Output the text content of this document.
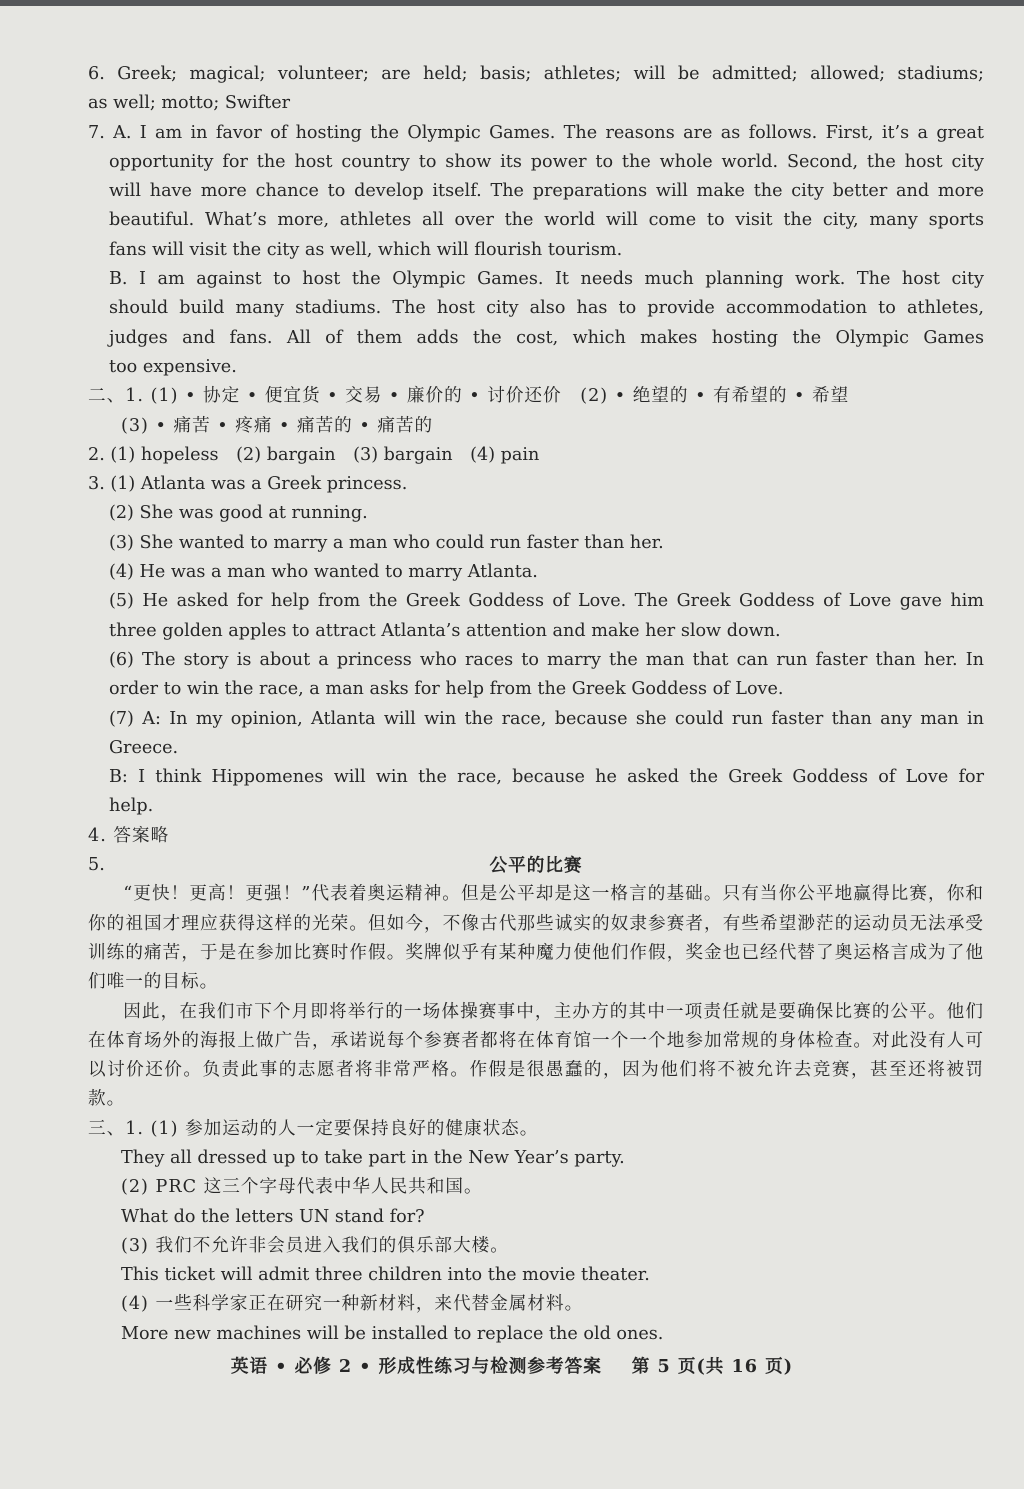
6. Greek; magical; volunteer; are held; basis; athletes; will be admitted; allowed; stadiums;
as well; motto; Swifter
7. A. I am in favor of hosting the Olympic Games. The reasons are as follows. First, it’s a great
opportunity for the host country to show its power to the whole world. Second, the host city
will have more chance to develop itself. The preparations will make the city better and more
beautiful. What’s more, athletes all over the world will come to visit the city, many sports
fans will visit the city as well, which will flourish tourism.
B. I am against to host the Olympic Games. It needs much planning work. The host city
should build many stadiums. The host city also has to provide accommodation to athletes,
judges and fans. All of them adds the cost, which makes hosting the Olympic Games
too expensive.
二、1. (1) • 协定 • 便宜货 • 交易 • 廉价的 • 讨价还价　(2) • 绝望的 • 有希望的 • 希望
(3) • 痛苦 • 疼痛 • 痛苦的 • 痛苦的
2. (1) hopeless　(2) bargain　(3) bargain　(4) pain
3. (1) Atlanta was a Greek princess.
(2) She was good at running.
(3) She wanted to marry a man who could run faster than her.
(4) He was a man who wanted to marry Atlanta.
(5) He asked for help from the Greek Goddess of Love. The Greek Goddess of Love gave him
three golden apples to attract Atlanta’s attention and make her slow down.
(6) The story is about a princess who races to marry the man that can run faster than her. In
order to win the race, a man asks for help from the Greek Goddess of Love.
(7) A: In my opinion, Atlanta will win the race, because she could run faster than any man in
Greece.
B: I think Hippomenes will win the race, because he asked the Greek Goddess of Love for
help.
4. 答案略
5.	公平的比赛
“更快！更高！更强！”代表着奥运精神。但是公平却是这一格言的基础。只有当你公平地赢得比赛，你和你的祖国才理应获得这样的光荣。但如今，不像古代那些诚实的奴隶参赛者，有些希望渺茫的运动员无法承受训练的痛苦，于是在参加比赛时作假。奖牌似乎有某种魔力使他们作假，奖金也已经代替了奥运格言成为了他们唯一的目标。
因此，在我们市下个月即将举行的一场体操赛事中，主办方的其中一项责任就是要确保比赛的公平。他们在体育场外的海报上做广告，承诺说每个参赛者都将在体育馆一个一个地参加常规的身体检查。对此没有人可以讨价还价。负责此事的志愿者将非常严格。作假是很愚蠢的，因为他们将不被允许去竞赛，甚至还将被罚款。
三、1. (1) 参加运动的人一定要保持良好的健康状态。
They all dressed up to take part in the New Year’s party.
(2) PRC 这三个字母代表中华人民共和国。
What do the letters UN stand for?
(3) 我们不允许非会员进入我们的俱乐部大楼。
This ticket will admit three children into the movie theater.
(4) 一些科学家正在研究一种新材料，来代替金属材料。
More new machines will be installed to replace the old ones.
英语 • 必修 2 • 形成性练习与检测参考答案 第 5 页(共 16 页)
